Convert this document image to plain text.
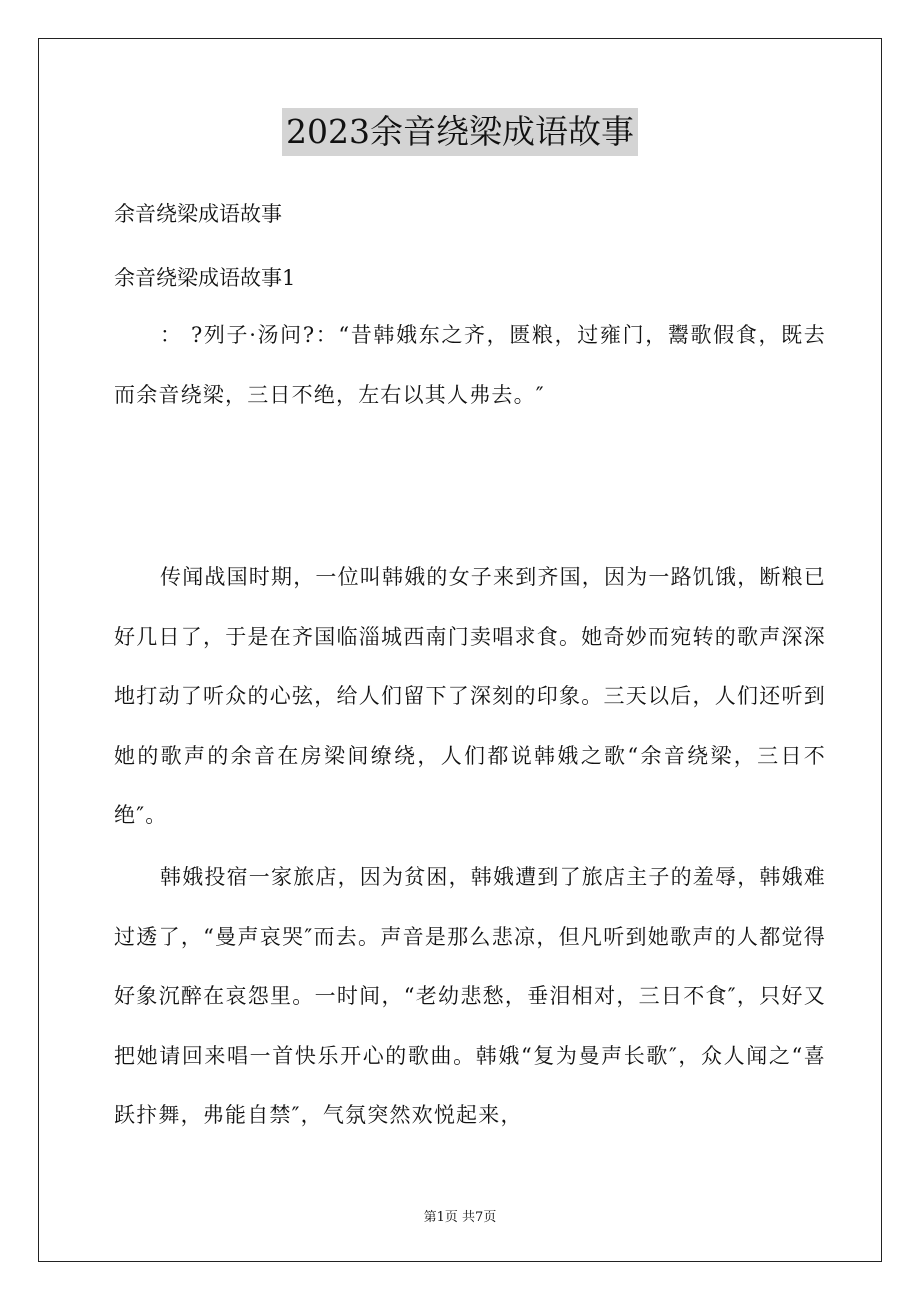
2023余音绕梁成语故事
余音绕梁成语故事
余音绕梁成语故事1
： ?列子·汤问?：“昔韩娥东之齐，匮粮，过雍门，鬻歌假食，既去而余音绕梁，三日不绝，左右以其人弗去。″
传闻战国时期，一位叫韩娥的女子来到齐国，因为一路饥饿，断粮已好几日了，于是在齐国临淄城西南门卖唱求食。她奇妙而宛转的歌声深深地打动了听众的心弦，给人们留下了深刻的印象。三天以后，人们还听到她的歌声的余音在房梁间缭绕，人们都说韩娥之歌“余音绕梁，三日不绝″。
韩娥投宿一家旅店，因为贫困，韩娥遭到了旅店主子的羞辱，韩娥难过透了，“曼声哀哭″而去。声音是那么悲凉，但凡听到她歌声的人都觉得好象沉醉在哀怨里。一时间，“老幼悲愁，垂泪相对，三日不食″，只好又把她请回来唱一首快乐开心的歌曲。韩娥“复为曼声长歌″，众人闻之“喜跃抃舞，弗能自禁″，气氛突然欢悦起来，
第1页 共7页
